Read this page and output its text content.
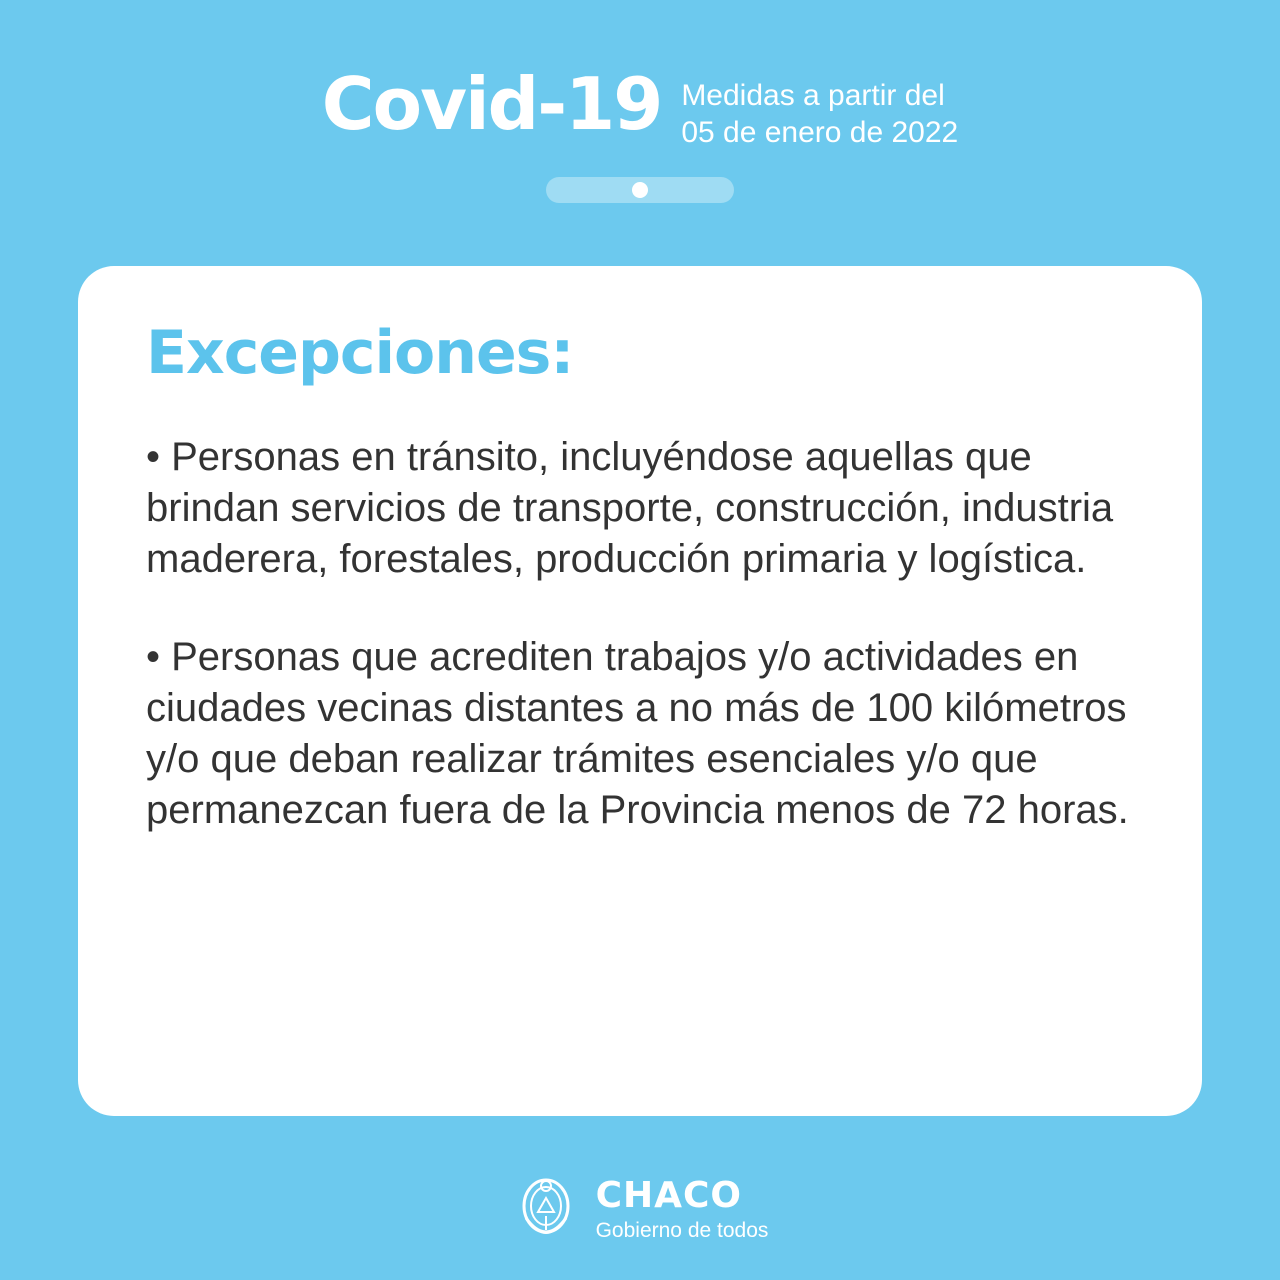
Covid-19 Medidas a partir del
05 de enero de 2022
Excepciones:

• Personas en tránsito, incluyéndose aquellas que brindan servicios de transporte, construcción, industria maderera, forestales, producción primaria y logística.

• Personas que acrediten trabajos y/o actividades en ciudades vecinas distantes a no más de 100 kilómetros y/o que deban realizar trámites esenciales y/o que permanezcan fuera de la Provincia menos de 72 horas.

CHACO
Gobierno de todos
